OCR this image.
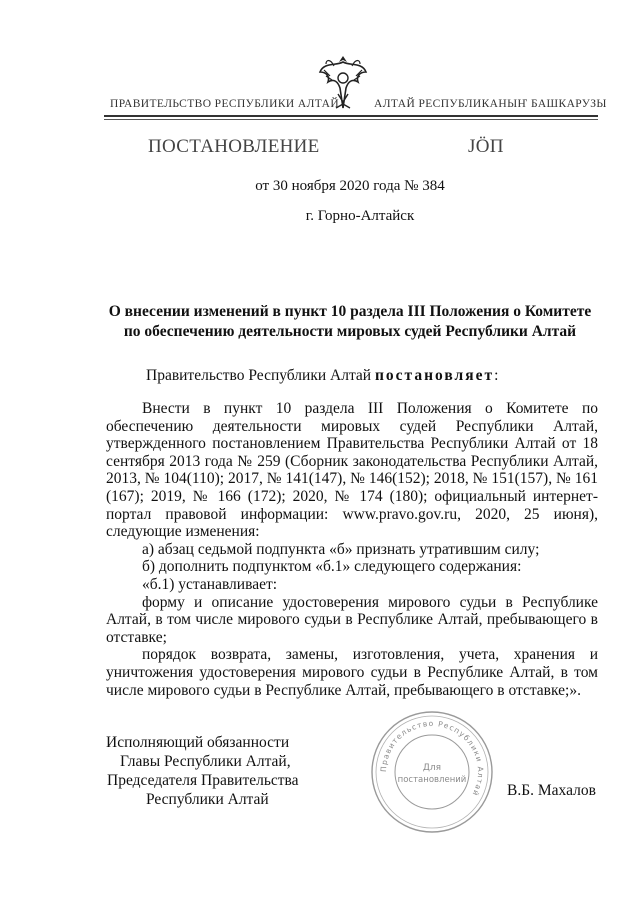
ПРАВИТЕЛЬСТВО РЕСПУБЛИКИ АЛТАЙ	АЛТАЙ РЕСПУБЛИКАНЫҤ БАШКАРУЗЫ
ПОСТАНОВЛЕНИЕ	ЈӦП
от 30 ноября 2020 года № 384
г. Горно-Алтайск
О внесении изменений в пункт 10 раздела III Положения о Комитете
по обеспечению деятельности мировых судей Республики Алтай
Правительство Республики Алтай постановляет:

Внести в пункт 10 раздела III Положения о Комитете по обеспечению деятельности мировых судей Республики Алтай, утвержденного постановлением Правительства Республики Алтай от 18 сентября 2013 года № 259 (Сборник законодательства Республики Алтай, 2013, № 104(110); 2017, № 141(147), № 146(152); 2018, № 151(157), № 161 (167); 2019, № 166 (172); 2020, № 174 (180); официальный интернет-портал правовой информации: www.pravo.gov.ru, 2020, 25 июня), следующие изменения:

а) абзац седьмой подпункта «б» признать утратившим силу;

б) дополнить подпунктом «б.1» следующего содержания:

«б.1) устанавливает:

форму и описание удостоверения мирового судьи в Республике Алтай, в том числе мирового судьи в Республике Алтай, пребывающего в отставке;

порядок возврата, замены, изготовления, учета, хранения и уничтожения удостоверения мирового судьи в Республике Алтай, в том числе мирового судьи в Республике Алтай, пребывающего в отставке;».

Исполняющий обязанности
Главы Республики Алтай,
Председателя Правительства
Республики Алтай
Правительство Республики Алтай
Для
постановлений
В.Б. Махалов
